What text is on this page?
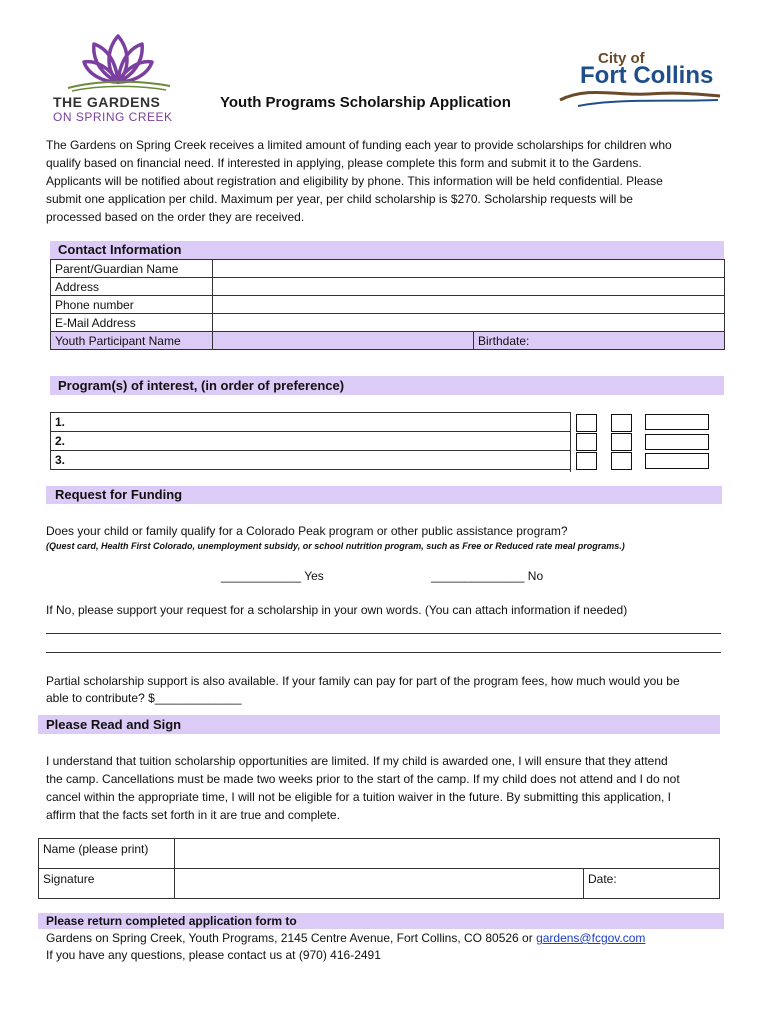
THE GARDENS
ON SPRING CREEK
City of
Fort Collins
Youth Programs Scholarship Application
The Gardens on Spring Creek receives a limited amount of funding each year to provide scholarships for children who
qualify based on financial need. If interested in applying, please complete this form and submit it to the Gardens.
Applicants will be notified about registration and eligibility by phone. This information will be held confidential. Please
submit one application per child. Maximum per year, per child scholarship is $270. Scholarship requests will be
processed based on the order they are received.
Contact Information
Parent/Guardian Name		
Address		
Phone number		
E-Mail Address		
Youth Participant Name		Birthdate:
Program(s) of interest, (in order of preference)
1.
2.
3.
Request for Funding
Does your child or family qualify for a Colorado Peak program or other public assistance program?
(Quest card, Health First Colorado, unemployment subsidy, or school nutrition program, such as Free or Reduced rate meal programs.)
____________ Yes	______________ No
If No, please support your request for a scholarship in your own words. (You can attach information if needed)
Partial scholarship support is also available. If your family can pay for part of the program fees, how much would you be
able to contribute? $_____________
Please Read and Sign
I understand that tuition scholarship opportunities are limited. If my child is awarded one, I will ensure that they attend
the camp. Cancellations must be made two weeks prior to the start of the camp. If my child does not attend and I do not
cancel within the appropriate time, I will not be eligible for a tuition waiver in the future. By submitting this application, I
affirm that the facts set forth in it are true and complete.
Name (please print)		
Signature		Date:
Please return completed application form to
Gardens on Spring Creek, Youth Programs, 2145 Centre Avenue, Fort Collins, CO 80526 or gardens@fcgov.com
If you have any questions, please contact us at (970) 416-2491
